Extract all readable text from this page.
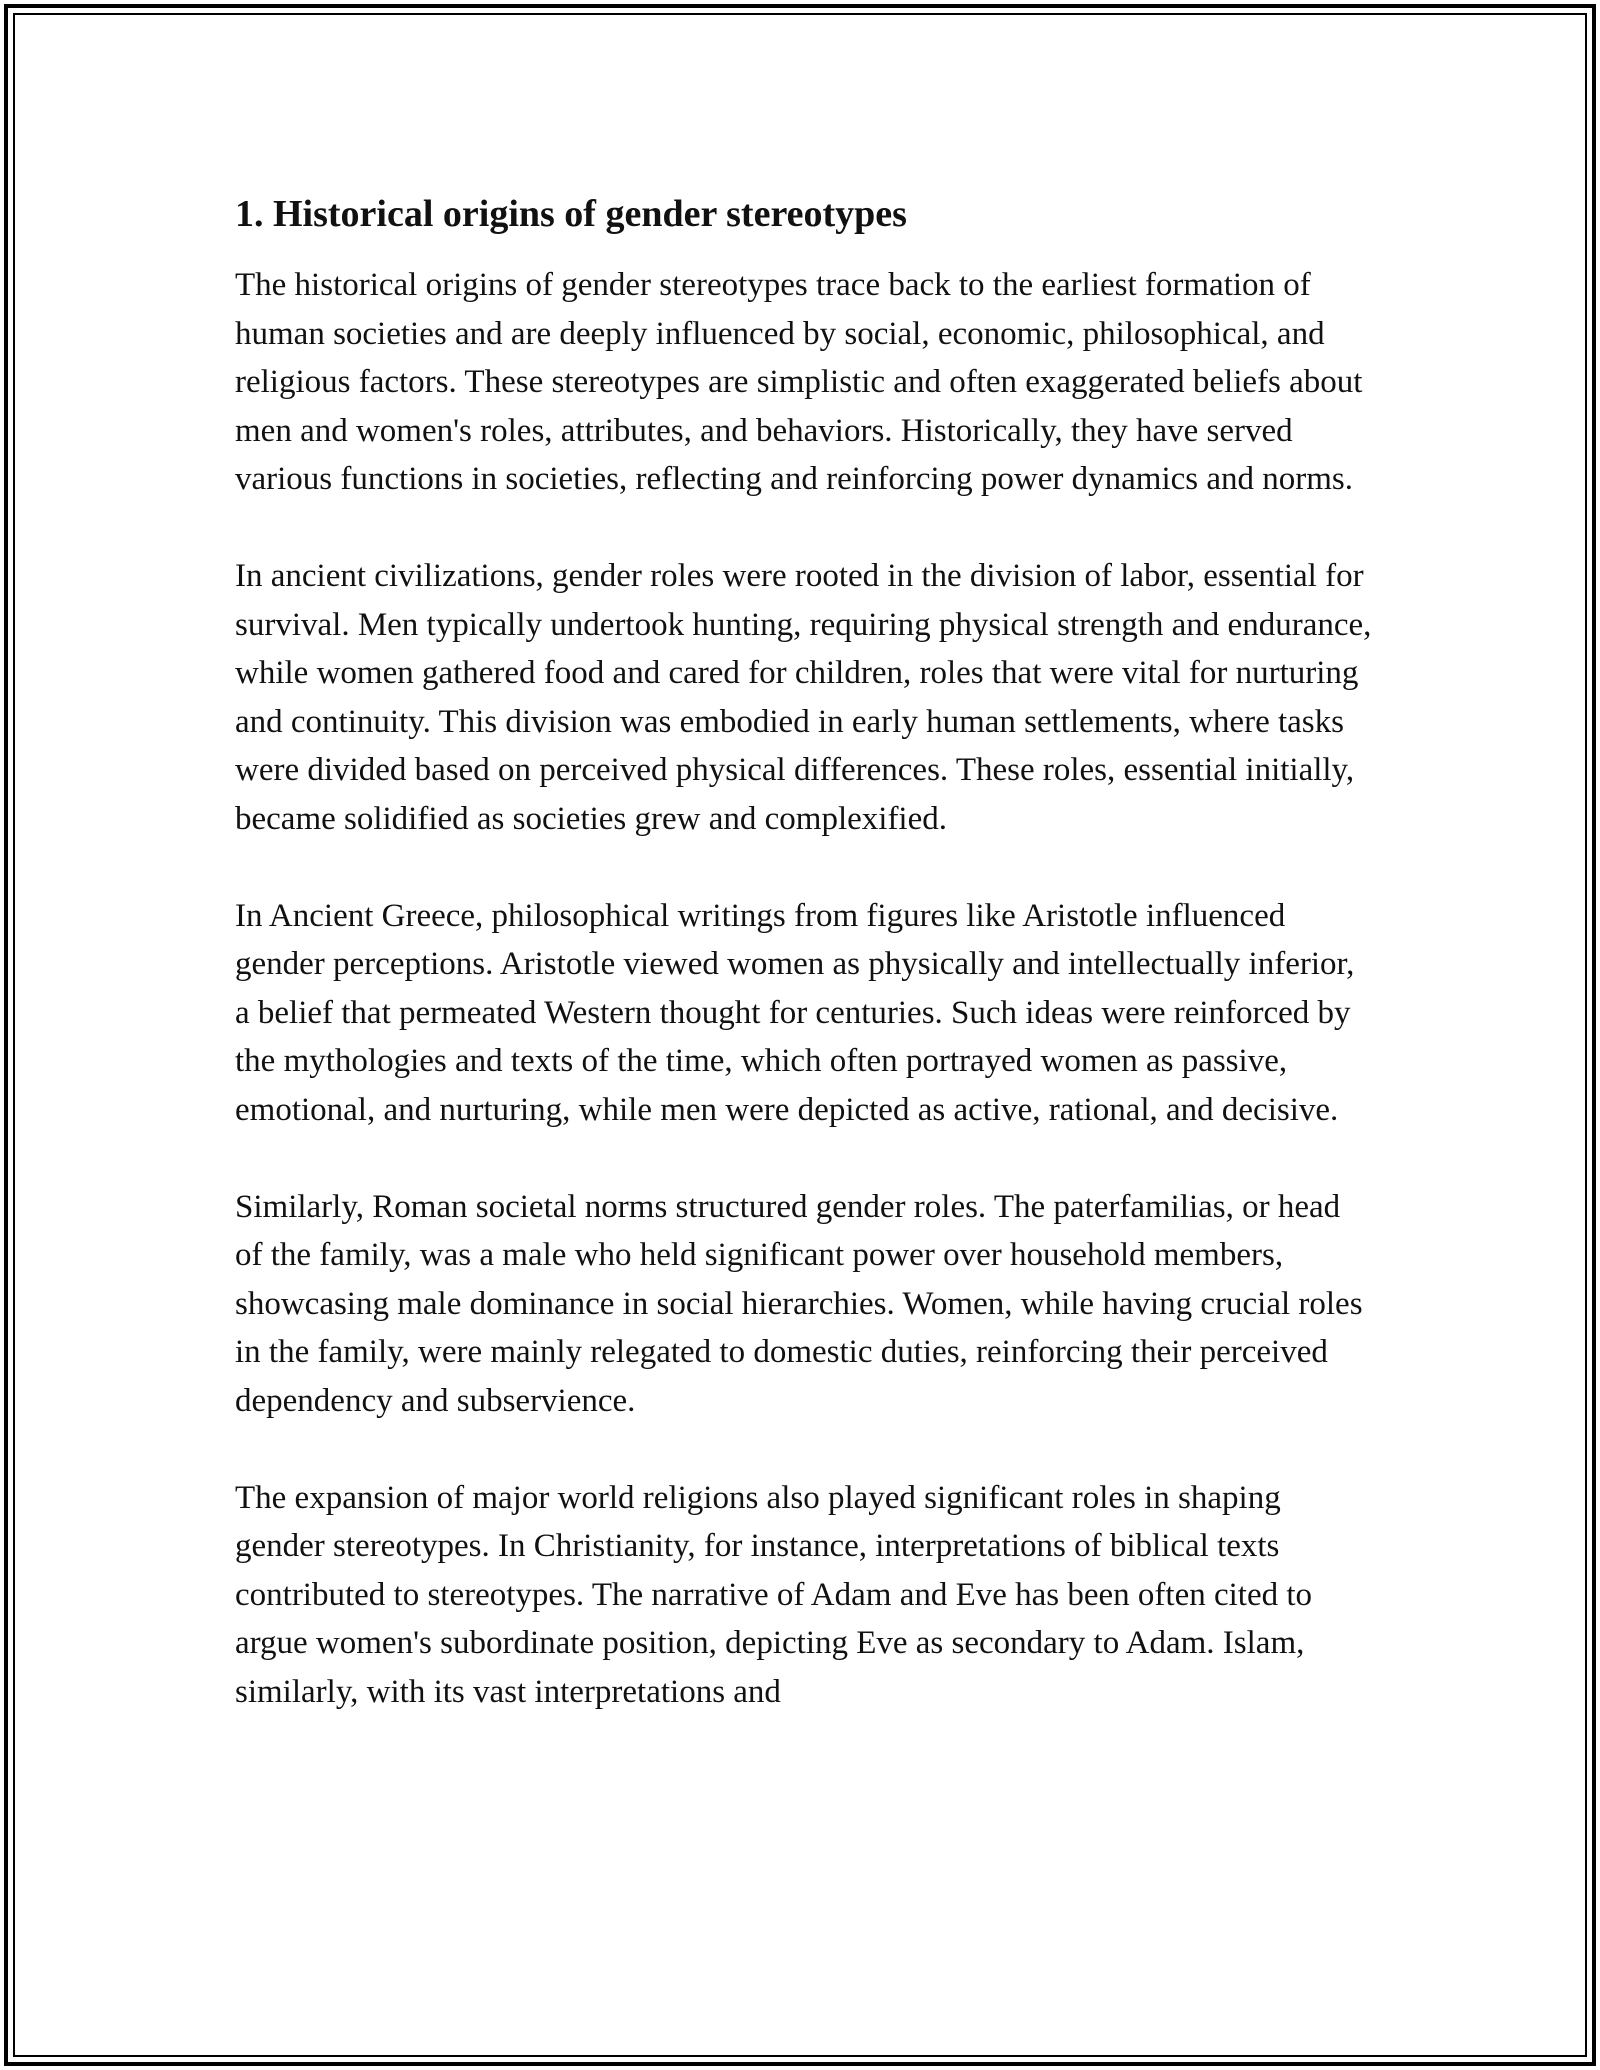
1. Historical origins of gender stereotypes

The historical origins of gender stereotypes trace back to the earliest formation of human societies and are deeply influenced by social, economic, philosophical, and religious factors. These stereotypes are simplistic and often exaggerated beliefs about men and women's roles, attributes, and behaviors. Historically, they have served various functions in societies, reflecting and reinforcing power dynamics and norms.

In ancient civilizations, gender roles were rooted in the division of labor, essential for survival. Men typically undertook hunting, requiring physical strength and endurance, while women gathered food and cared for children, roles that were vital for nurturing and continuity. This division was embodied in early human settlements, where tasks were divided based on perceived physical differences. These roles, essential initially, became solidified as societies grew and complexified.

In Ancient Greece, philosophical writings from figures like Aristotle influenced gender perceptions. Aristotle viewed women as physically and intellectually inferior, a belief that permeated Western thought for centuries. Such ideas were reinforced by the mythologies and texts of the time, which often portrayed women as passive, emotional, and nurturing, while men were depicted as active, rational, and decisive.

Similarly, Roman societal norms structured gender roles. The paterfamilias, or head of the family, was a male who held significant power over household members, showcasing male dominance in social hierarchies. Women, while having crucial roles in the family, were mainly relegated to domestic duties, reinforcing their perceived dependency and subservience.

The expansion of major world religions also played significant roles in shaping gender stereotypes. In Christianity, for instance, interpretations of biblical texts contributed to stereotypes. The narrative of Adam and Eve has been often cited to argue women's subordinate position, depicting Eve as secondary to Adam. Islam, similarly, with its vast interpretations and
